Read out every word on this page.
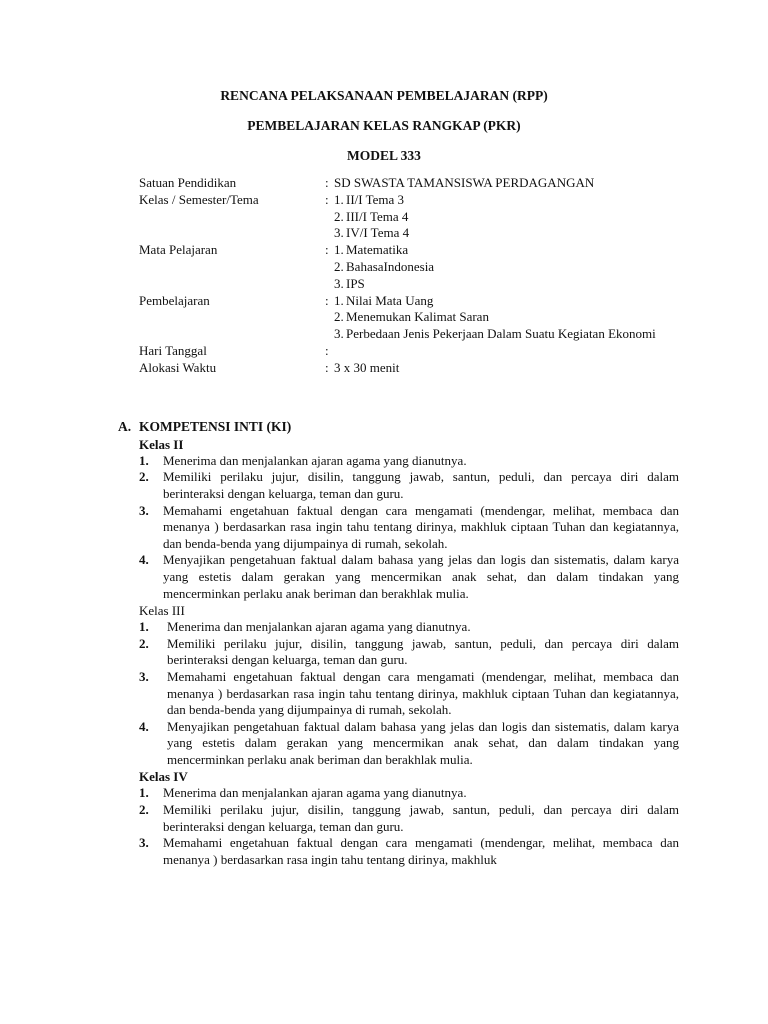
RENCANA PELAKSANAAN PEMBELAJARAN (RPP)
PEMBELAJARAN KELAS RANGKAP (PKR)
MODEL 333
Satuan Pendidikan	: SD SWASTA TAMANSISWA PERDAGANGAN
Kelas / Semester/Tema	: 1. II/I Tema 3
2. III/I Tema 4
3. IV/I Tema 4
Mata Pelajaran	: 1. Matematika
2. BahasaIndonesia
3. IPS
Pembelajaran	: 1. Nilai Mata Uang
2. Menemukan Kalimat Saran
3. Perbedaan Jenis Pekerjaan Dalam Suatu Kegiatan Ekonomi
Hari Tanggal	:
Alokasi Waktu	: 3 x 30 menit
A. KOMPETENSI INTI (KI)
Kelas II
1.	Menerima dan menjalankan ajaran agama yang dianutnya.
2.	Memiliki perilaku jujur, disilin, tanggung jawab, santun, peduli, dan percaya diri dalam berinteraksi dengan keluarga, teman dan guru.
3.	Memahami engetahuan faktual dengan cara mengamati (mendengar, melihat, membaca dan menanya ) berdasarkan rasa ingin tahu tentang dirinya, makhluk ciptaan Tuhan dan kegiatannya, dan benda-benda yang dijumpainya di rumah, sekolah.
4.	Menyajikan pengetahuan faktual dalam bahasa yang jelas dan logis dan sistematis, dalam karya yang estetis dalam gerakan yang mencermikan anak sehat, dan dalam tindakan yang mencerminkan perlaku anak beriman dan berakhlak mulia.
Kelas III
1.	Menerima dan menjalankan ajaran agama yang dianutnya.
2.	Memiliki perilaku jujur, disilin, tanggung jawab, santun, peduli, dan percaya diri dalam berinteraksi dengan keluarga, teman dan guru.
3.	Memahami engetahuan faktual dengan cara mengamati (mendengar, melihat, membaca dan menanya ) berdasarkan rasa ingin tahu tentang dirinya, makhluk ciptaan Tuhan dan kegiatannya, dan benda-benda yang dijumpainya di rumah, sekolah.
4.	Menyajikan pengetahuan faktual dalam bahasa yang jelas dan logis dan sistematis, dalam karya yang estetis dalam gerakan yang mencermikan anak sehat, dan dalam tindakan yang mencerminkan perlaku anak beriman dan berakhlak mulia.
Kelas IV
1.	Menerima dan menjalankan ajaran agama yang dianutnya.
2.	Memiliki perilaku jujur, disilin, tanggung jawab, santun, peduli, dan percaya diri dalam berinteraksi dengan keluarga, teman dan guru.
3.	Memahami engetahuan faktual dengan cara mengamati (mendengar, melihat, membaca dan menanya ) berdasarkan rasa ingin tahu tentang dirinya, makhluk
